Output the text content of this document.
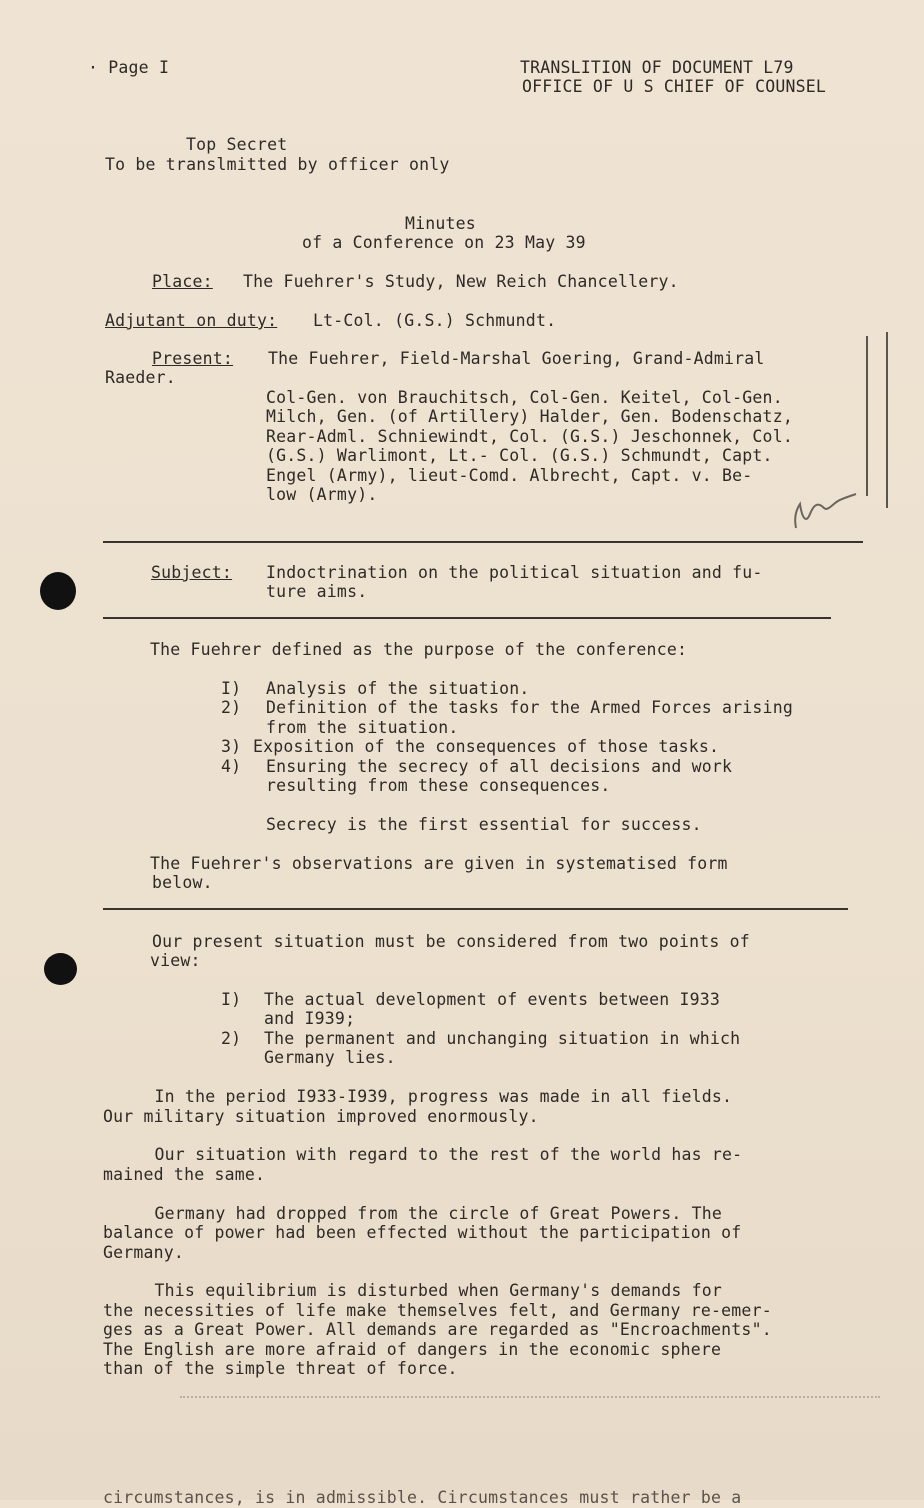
· Page I	TRANSLITION OF DOCUMENT L79
OFFICE OF U S CHIEF OF COUNSEL
Top Secret
To be translmitted by officer only
Minutes
of a Conference on 23 May 39
Place: The Fuehrer's Study, New Reich Chancellery.
Adjutant on duty: Lt-Col. (G.S.) Schmundt.
Present: The Fuehrer, Field-Marshal Goering, Grand-Admiral
Raeder.
Col-Gen. von Brauchitsch, Col-Gen. Keitel, Col-Gen.
Milch, Gen. (of Artillery) Halder, Gen. Bodenschatz,
Rear-Adml. Schniewindt, Col. (G.S.) Jeschonnek, Col.
(G.S.) Warlimont, Lt.- Col. (G.S.) Schmundt, Capt.
Engel (Army), lieut-Comd. Albrecht, Capt. v. Be-
low (Army).
Subject: Indoctrination on the political situation and fu-
ture aims.
The Fuehrer defined as the purpose of the conference:
I) Analysis of the situation.
2) Definition of the tasks for the Armed Forces arising
from the situation.
3) Exposition of the consequences of those tasks.
4) Ensuring the secrecy of all decisions and work
resulting from these consequences.
Secrecy is the first essential for success.
The Fuehrer's observations are given in systematised form
below.
Our present situation must be considered from two points of
view:
I) The actual development of events between I933
and I939;
2) The permanent and unchanging situation in which
Germany lies.
In the period I933-I939, progress was made in all fields.
Our military situation improved enormously.
Our situation with regard to the rest of the world has re-
mained the same.
Germany had dropped from the circle of Great Powers. The
balance of power had been effected without the participation of
Germany.
This equilibrium is disturbed when Germany's demands for
the necessities of life make themselves felt, and Germany re-emer-
ges as a Great Power. All demands are regarded as "Encroachments".
The English are more afraid of dangers in the economic sphere
than of the simple threat of force.
circumstances, is in admissible. Circumstances must rather be a
